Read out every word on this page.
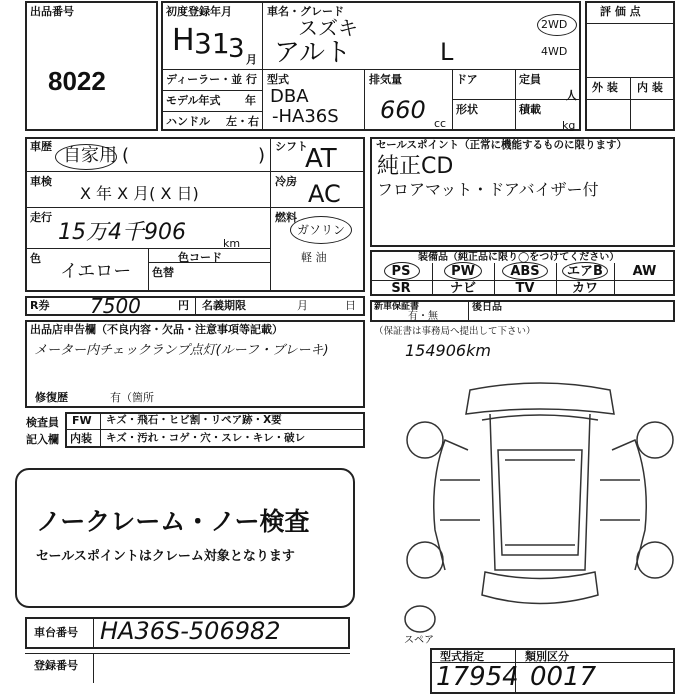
出品番号
8022
初度登録年月
H 31
3 月
車名・グレード
スズキ
アルト	L
2WD
4WD
ディーラー・並 行
モデル年式 年
ハンドル 左・右
型式
DBA
-HA36S
排気量
660 cc
ドア
形状
定員
人
積載
kg
評 価 点
外 装 内 装
車歴 自家用 (	)
車検
X 年 X 月( X 日)
走行
15万4千906	km
色
イエロー
色コード
色替
シフト
AT
冷房 AC
燃料
ガソリン
軽 油
セールスポイント（正常に機能するものに限ります）
純正CD
フロアマット・ドアバイザー付
装備品（純正品に限り◯をつけてください）
PS	PW	ABS	エアB	AW
SR	ナビ	TV	カワ
R券 7500	円 名義期限	月	日 新車保証書
有・無
後日品
（保証書は事務局へ提出して下さい）
154906km
出品店申告欄（不良内容・欠品・注意事項等記載）
メーター内チェックランプ点灯(ルーフ・ブレーキ)
修復歴	有（箇所
検査員
記入欄
FW キズ・飛石・ヒビ割・リペア跡・X要
内装 キズ・汚れ・コゲ・穴・スレ・キレ・破レ
ノークレーム・ノー検査
セールスポイントはクレーム対象となります
車台番号 HA36S-506982
登録番号
スペア
型式指定	類別区分
17954 0017
